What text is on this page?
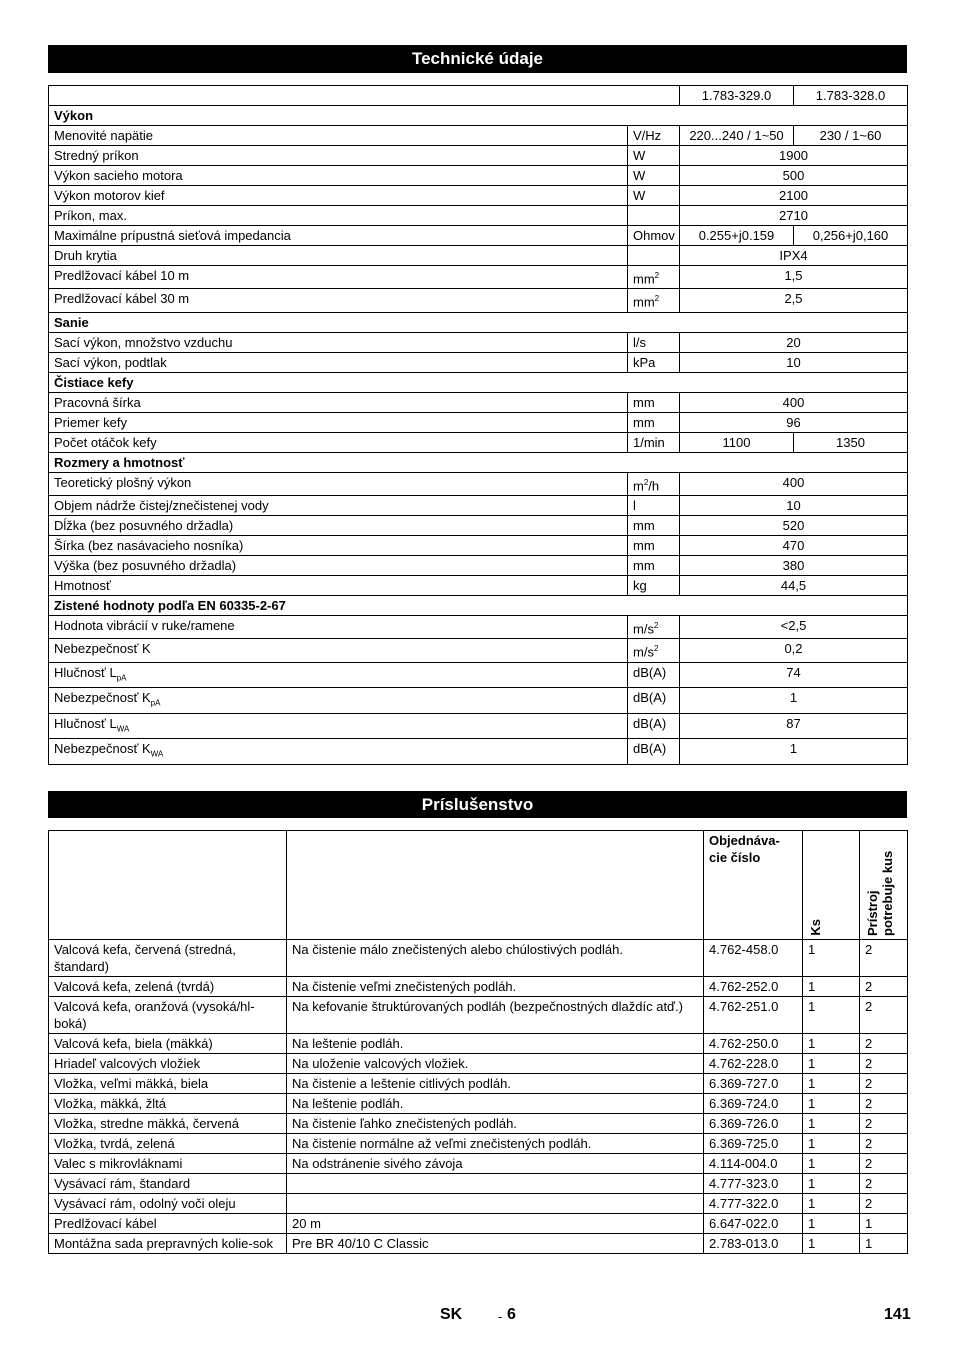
Technické údaje
		1.783-329.0	1.783-328.0
Výkon			
Menovité napätie	V/Hz	220...240 / 1~50	230 / 1~60
Stredný príkon	W	1900	
Výkon sacieho motora	W	500	
Výkon motorov kief	W	2100	
Príkon, max.		2710	
Maximálne prípustná sieťová impedancia	Ohmov	0.255+j0.159	0,256+j0,160
Druh krytia		IPX4	
Predlžovací kábel 10 m	$mm^2$	1,5	
Predlžovací kábel 30 m	$mm^2$	2,5	
Sanie			
Sací výkon, množstvo vzduchu	l/s	20	
Sací výkon, podtlak	kPa	10	
Čistiace kefy			
Pracovná šírka	mm	400	
Priemer kefy	mm	96	
Počet otáčok kefy	1/min	1100	1350
Rozmery a hmotnosť			
Teoretický plošný výkon	$m^2/h$	400	
Objem nádrže čistej/znečistenej vody	l	10	
Dĺžka (bez posuvného držadla)	mm	520	
Šírka (bez nasávacieho nosníka)	mm	470	
Výška (bez posuvného držadla)	mm	380	
Hmotnosť	kg	44,5	
Zistené hodnoty podľa EN 60335-2-67			
Hodnota vibrácií v ruke/ramene	$m/s^2$	<2,5	
Nebezpečnosť K	$m/s^2$	0,2	
Hlučnosť $L_{pA}$	dB(A)	74	
Nebezpečnosť $K_{pA}$	dB(A)	1	
Hlučnosť $L_{WA}$	dB(A)	87	
Nebezpečnosť $K_{WA}$	dB(A)	1	
Príslušenstvo
		Objednáva-cie číslo	Ks	Prístroj potrebuje kus

Valcová kefa, červená (stredná, štandard)	Na čistenie málo znečistených alebo chúlostivých podláh.	4.762-458.0	1	2
Valcová kefa, zelená (tvrdá)	Na čistenie veľmi znečistených podláh.	4.762-252.0	1	2
Valcová kefa, oranžová (vysoká/hl-boká)	Na kefovanie štruktúrovaných podláh (bezpečnostných dlaždíc atď.)	4.762-251.0	1	2
Valcová kefa, biela (mäkká)	Na leštenie podláh.	4.762-250.0	1	2
Hriadeľ valcových vložiek	Na uloženie valcových vložiek.	4.762-228.0	1	2
Vložka, veľmi mäkká, biela	Na čistenie a leštenie citlivých podláh.	6.369-727.0	1	2
Vložka, mäkká, žltá	Na leštenie podláh.	6.369-724.0	1	2
Vložka, stredne mäkká, červená	Na čistenie ľahko znečistených podláh.	6.369-726.0	1	2
Vložka, tvrdá, zelená	Na čistenie normálne až veľmi znečistených podláh.	6.369-725.0	1	2
Valec s mikrovláknami	Na odstránenie sivého závoja	4.114-004.0	1	2
Vysávací rám, štandard		4.777-323.0	1	2
Vysávací rám, odolný voči oleju		4.777-322.0	1	2
Predlžovací kábel	20 m	6.647-022.0	1	1
Montážna sada prepravných kolie-sok	Pre BR 40/10 C Classic	2.783-013.0	1	1
SK	- 6	141
